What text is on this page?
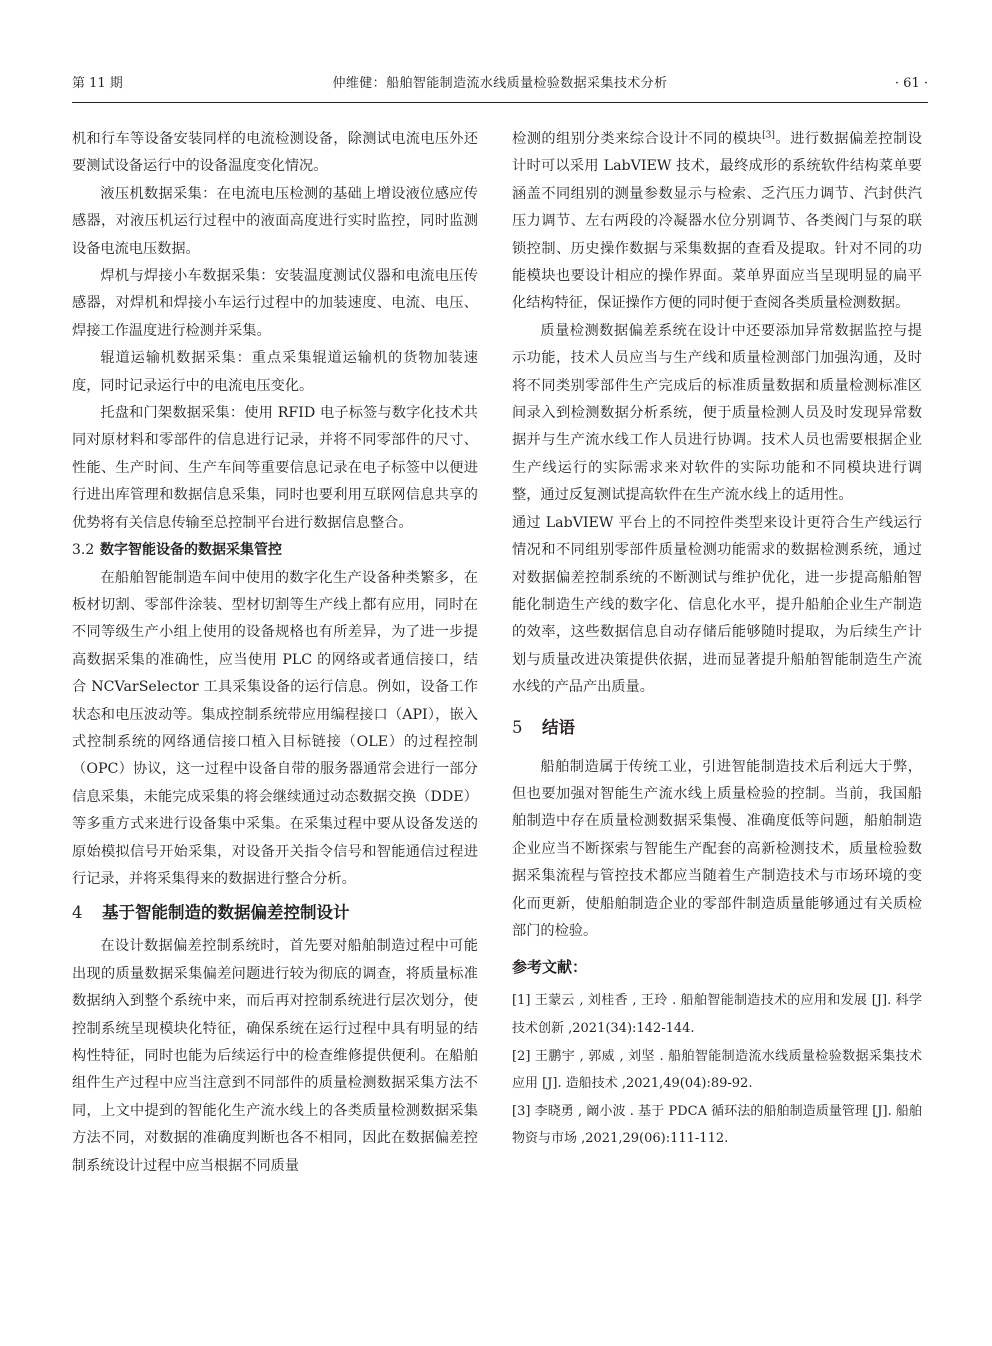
第 11 期	仲维健：船舶智能制造流水线质量检验数据采集技术分析	· 61 ·

机和行车等设备安装同样的电流检测设备，除测试电流电压外还要测试设备运行中的设备温度变化情况。

液压机数据采集：在电流电压检测的基础上增设液位感应传感器，对液压机运行过程中的液面高度进行实时监控，同时监测设备电流电压数据。

焊机与焊接小车数据采集：安装温度测试仪器和电流电压传感器，对焊机和焊接小车运行过程中的加装速度、电流、电压、焊接工作温度进行检测并采集。

辊道运输机数据采集：重点采集辊道运输机的货物加装速度，同时记录运行中的电流电压变化。

托盘和门架数据采集：使用 RFID 电子标签与数字化技术共同对原材料和零部件的信息进行记录，并将不同零部件的尺寸、性能、生产时间、生产车间等重要信息记录在电子标签中以便进行进出库管理和数据信息采集，同时也要利用互联网信息共享的优势将有关信息传输至总控制平台进行数据信息整合。

3.2 数字智能设备的数据采集管控

在船舶智能制造车间中使用的数字化生产设备种类繁多，在板材切割、零部件涂装、型材切割等生产线上都有应用，同时在不同等级生产小组上使用的设备规格也有所差异，为了进一步提高数据采集的准确性，应当使用 PLC 的网络或者通信接口，结合 NCVarSelector 工具采集设备的运行信息。例如，设备工作状态和电压波动等。集成控制系统带应用编程接口（API），嵌入式控制系统的网络通信接口植入目标链接（OLE）的过程控制（OPC）协议，这一过程中设备自带的服务器通常会进行一部分信息采集，未能完成采集的将会继续通过动态数据交换（DDE）等多重方式来进行设备集中采集。在采集过程中要从设备发送的原始模拟信号开始采集，对设备开关指令信号和智能通信过程进行记录，并将采集得来的数据进行整合分析。

4 基于智能制造的数据偏差控制设计

在设计数据偏差控制系统时，首先要对船舶制造过程中可能出现的质量数据采集偏差问题进行较为彻底的调查，将质量标准数据纳入到整个系统中来，而后再对控制系统进行层次划分，使控制系统呈现模块化特征，确保系统在运行过程中具有明显的结构性特征，同时也能为后续运行中的检查维修提供便利。在船舶组件生产过程中应当注意到不同部件的质量检测数据采集方法不同，上文中提到的智能化生产流水线上的各类质量检测数据采集方法不同，对数据的准确度判断也各不相同，因此在数据偏差控制系统设计过程中应当根据不同质量

检测的组别分类来综合设计不同的模块[3]。进行数据偏差控制设计时可以采用 LabVIEW 技术，最终成形的系统软件结构菜单要涵盖不同组别的测量参数显示与检索、乏汽压力调节、汽封供汽压力调节、左右两段的冷凝器水位分别调节、各类阀门与泵的联锁控制、历史操作数据与采集数据的查看及提取。针对不同的功能模块也要设计相应的操作界面。菜单界面应当呈现明显的扁平化结构特征，保证操作方便的同时便于查阅各类质量检测数据。

质量检测数据偏差系统在设计中还要添加异常数据监控与提示功能，技术人员应当与生产线和质量检测部门加强沟通，及时将不同类别零部件生产完成后的标准质量数据和质量检测标准区间录入到检测数据分析系统，便于质量检测人员及时发现异常数据并与生产流水线工作人员进行协调。技术人员也需要根据企业生产线运行的实际需求来对软件的实际功能和不同模块进行调整，通过反复测试提高软件在生产流水线上的适用性。

通过 LabVIEW 平台上的不同控件类型来设计更符合生产线运行情况和不同组别零部件质量检测功能需求的数据检测系统，通过对数据偏差控制系统的不断测试与维护优化，进一步提高船舶智能化制造生产线的数字化、信息化水平，提升船舶企业生产制造的效率，这些数据信息自动存储后能够随时提取，为后续生产计划与质量改进决策提供依据，进而显著提升船舶智能制造生产流水线的产品产出质量。

5 结语

船舶制造属于传统工业，引进智能制造技术后利远大于弊，但也要加强对智能生产流水线上质量检验的控制。当前，我国船舶制造中存在质量检测数据采集慢、准确度低等问题，船舶制造企业应当不断探索与智能生产配套的高新检测技术，质量检验数据采集流程与管控技术都应当随着生产制造技术与市场环境的变化而更新，使船舶制造企业的零部件制造质量能够通过有关质检部门的检验。

参考文献：

[1] 王蒙云 , 刘桂香 , 王玲 . 船舶智能制造技术的应用和发展 [J]. 科学技术创新 ,2021(34):142-144.

[2] 王鹏宇 , 郭威 , 刘坚 . 船舶智能制造流水线质量检验数据采集技术应用 [J]. 造船技术 ,2021,49(04):89-92.

[3] 李晓勇 , 阚小波 . 基于 PDCA 循环法的船舶制造质量管理 [J]. 船舶物资与市场 ,2021,29(06):111-112.
